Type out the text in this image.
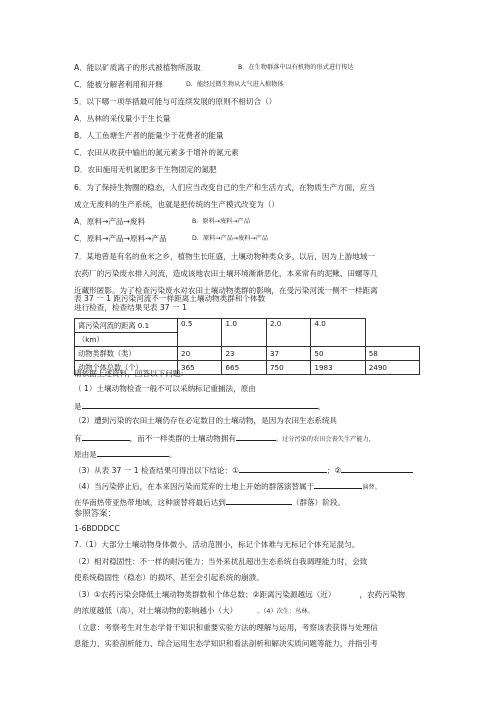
A．能以矿质离子的形式被植物所汲取	B．在生物群落中以有机物的形式进行传达
C．能被分解者利用和开释	D．能经过微生物从大气进入植物体
5．以下哪一项举措最可能与可连续发展的原则不相切合（）
A．丛林的采伐量小于生长量
B．人工鱼塘生产者的能量少于花费者的能量
C．农田从收获中输出的氮元素多于增补的氮元素
D．农田施用无机氮肥多于生物固定的氮肥
6．为了保持生物圈的稳态，人们应当改变自己的生产和生活方式，在物质生产方面，应当
成立无废料的生产系统，也就是把传统的生产模式改变为（）
A．原料→产品→废料	B．原料→废料→产品
C．原料→产品→原料→产品	D．原料→产品→废料→产品
7．某地曾是有名的鱼米之乡，植物生长旺盛，土壤动物种类众多。以后，因为上游地域一
农药厂的污染废水排入河流，造成该地农田土壤环境渐渐恶化，本来常有的泥鳅、田螺等几
近藏形匿影。为了检查污染废水对农田土壤动物类群的影响，在受污染河流一侧不一样距离
进行检查，检查结果见表 37 一 1
表 37 一 1 距污染河流不一样距离土壤动物类群和个体数
离污染河流的距离 0.1	0.5	1.0	2.0	4.0	
（km）					
动物类群数（类）	20	23	37	50	58
动物个体总数（个）	365	665	750	1983	2490
请依据上述资料，回答以下问题：
（ 1）土壤动物检查一般不可以采纳标记重捕法，原由
是	。
（2）遭到污染的农田土壤仍存在必定数目的土壤动物，是因为农田生态系统具
有	，而不一样类群的土壤动物拥有	。过分污染的农田会丧失生产能力，
原由是	。
（3）从表 37 一 1 检查结果可得出以下结论：①	；②
（4）当污染停止后，在本来因污染而荒弃的土地上开始的群落演替属于	演替。
在华南热带亚热带地域，这种演替将最后达到	（群落）阶段。
参照答案：
1-6BDDDCC
7.（1）大部分土壤动物身体微小，活动范围小，标记个体难与无标记个体充足混匀。
（2）相对稳固性：不一样的耐污能力；当外来扰乱超出生态系统自我调理能力时，会致
使系统稳固性（稳态）的损坏，甚至会引起系统的崩溃。
（3）①农药污染会降低土壤动物类群数和个体总数；②距离污染源越远（近）	，农药污染物
的浓度越低（高），对土壤动物的影响越小（大）	。（4）次生：丛林。
（立意：考察考生对生态学骨干知识和重要实验方法的理解与运用，考察该表获得与处理信
息能力、实验剖析能力、综合运用生态学知识和看法剖析和解决实质问题等能力，并指引考
